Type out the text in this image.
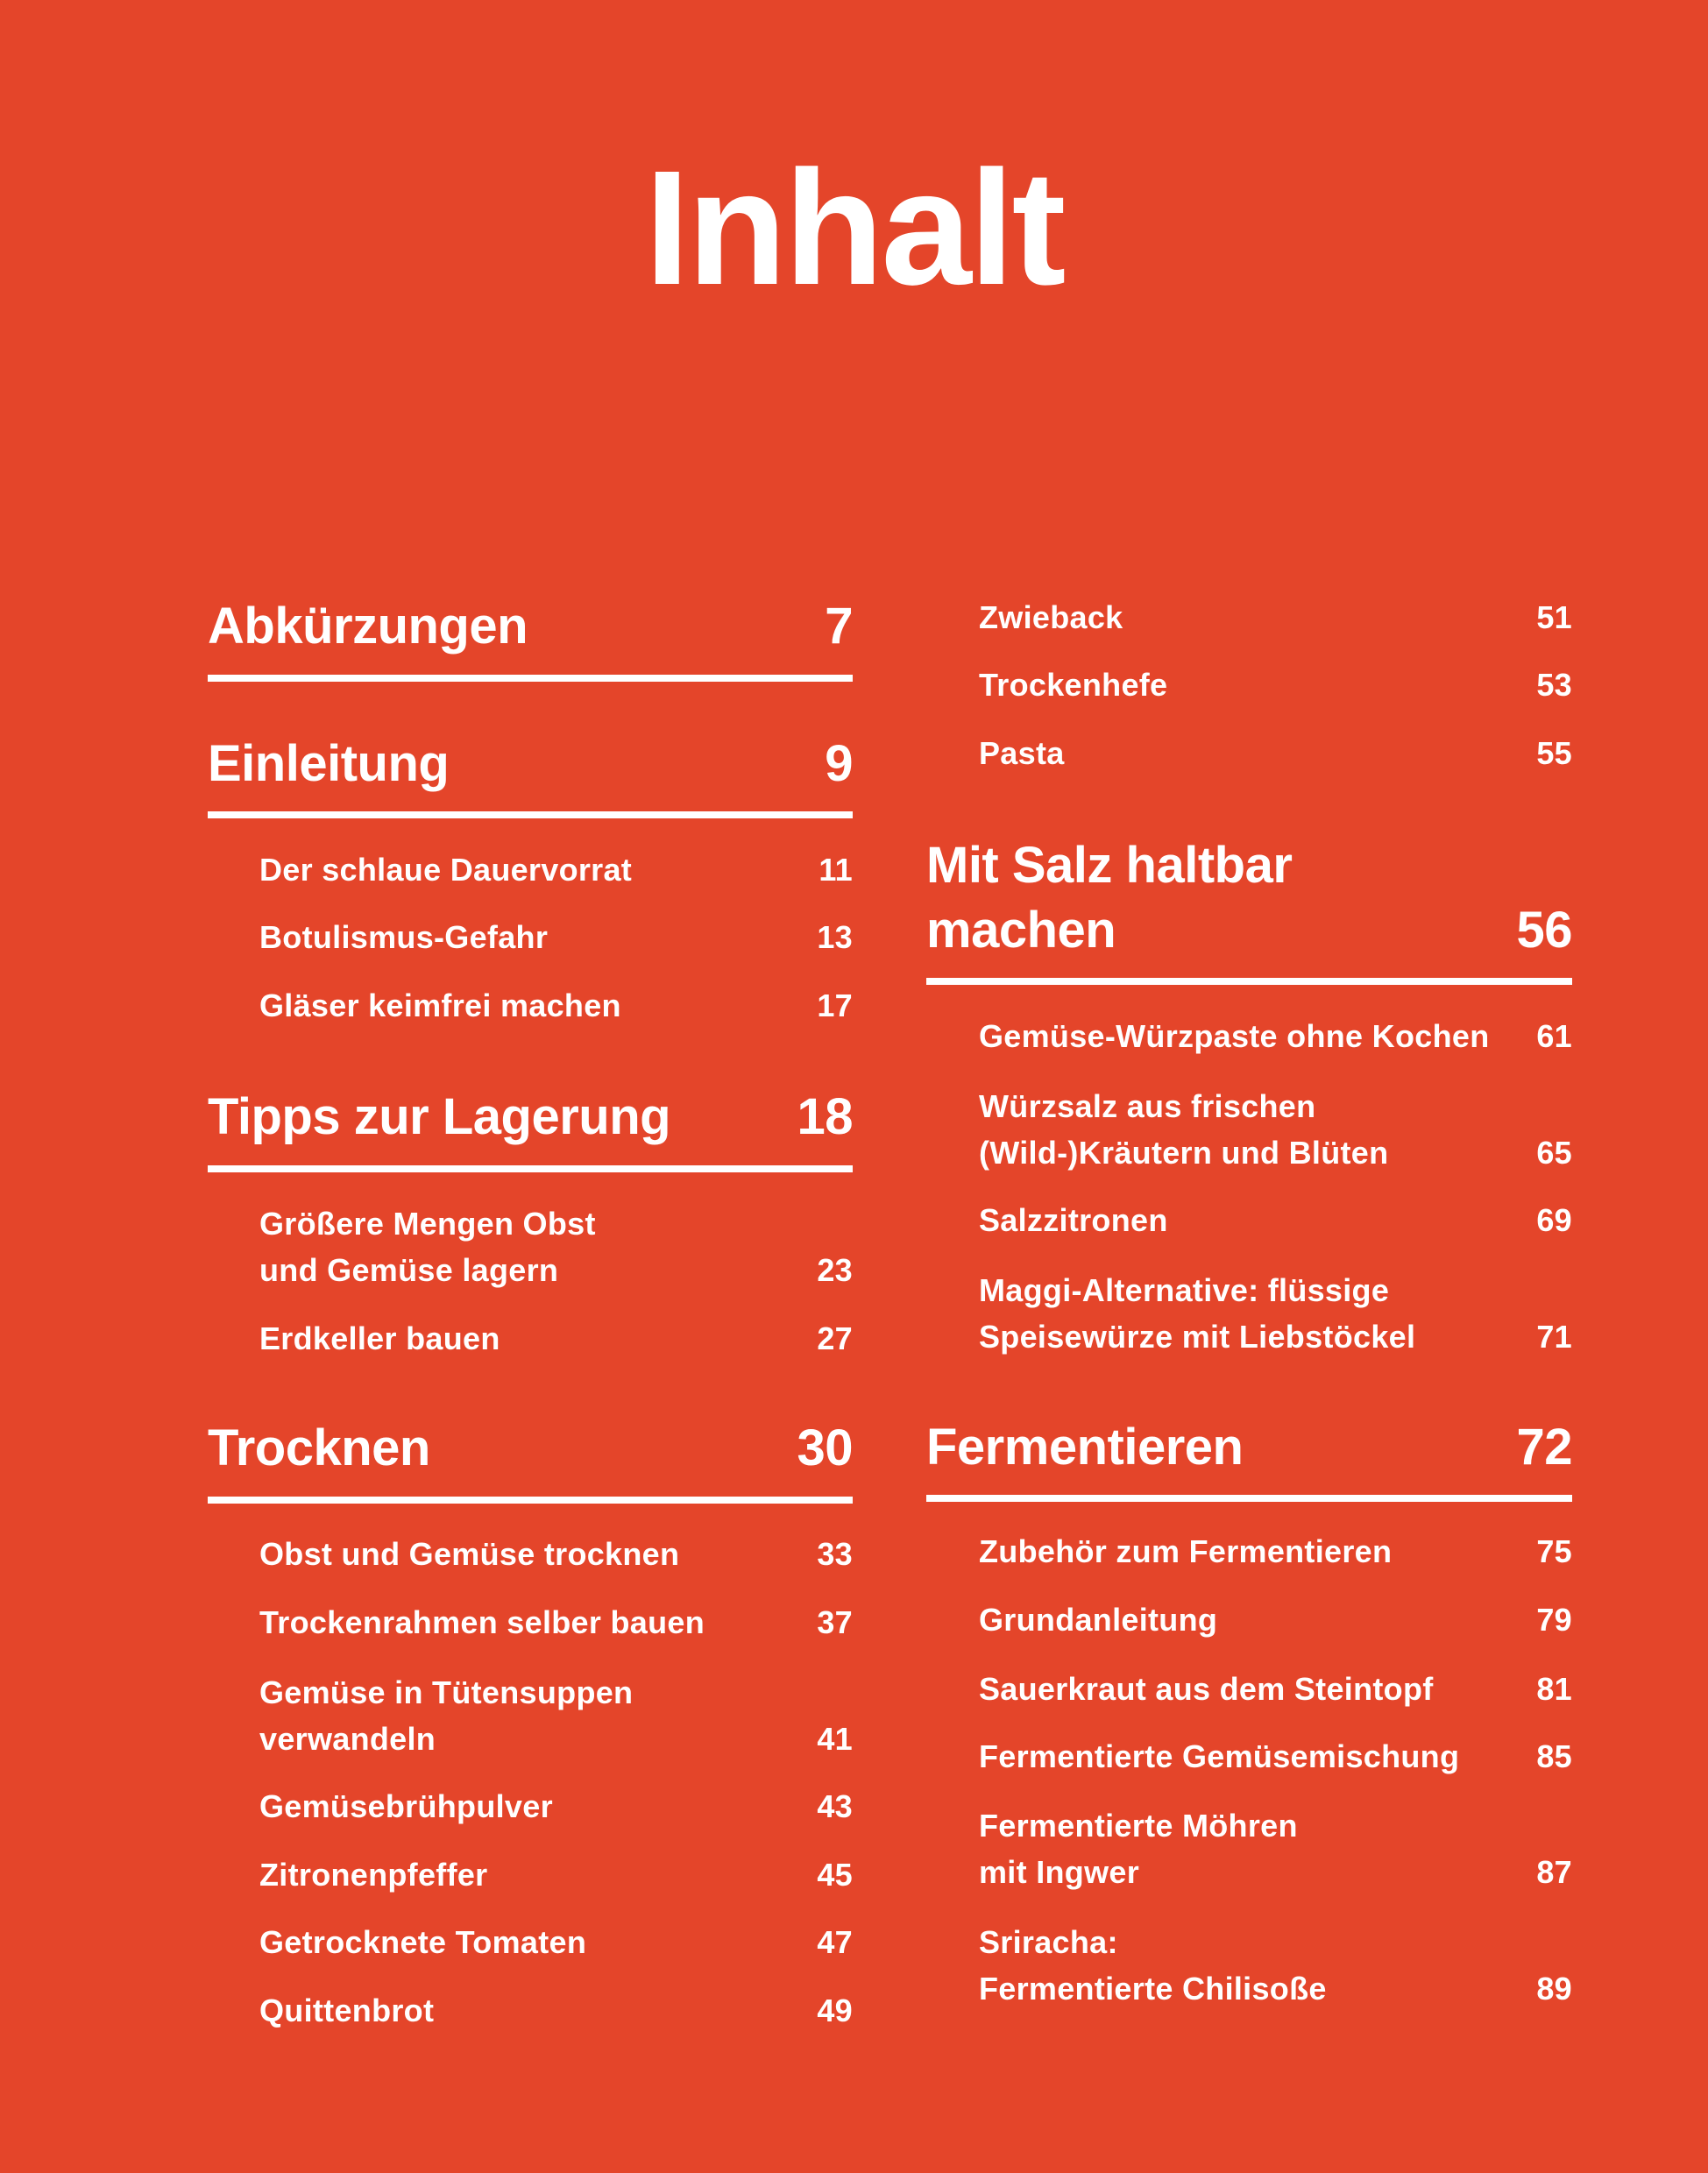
Inhalt
Abkürzungen	7
Einleitung	9
Der schlaue Dauervorrat	11
Botulismus-Gefahr	13
Gläser keimfrei machen	17
Tipps zur Lagerung 18
Größere Mengen Obst
und Gemüse lagern	23
Erdkeller bauen	27
Trocknen	30
Obst und Gemüse trocknen	33
Trockenrahmen selber bauen	37
Gemüse in Tütensuppen
verwandeln	41
Gemüsebrühpulver	43
Zitronenpfeffer	45
Getrocknete Tomaten	47
Quittenbrot	49
Zwieback	51
Trockenhefe	53
Pasta	55
Mit Salz haltbar
machen	56
Gemüse-Würzpaste ohne Kochen 61
Würzsalz aus frischen
(Wild-)Kräutern und Blüten	65
Salzzitronen	69
Maggi-Alternative: flüssige
Speisewürze mit Liebstöckel	71
Fermentieren	72
Zubehör zum Fermentieren	75
Grundanleitung	79
Sauerkraut aus dem Steintopf	81
Fermentierte Gemüsemischung 85
Fermentierte Möhren
mit Ingwer	87
Sriracha:
Fermentierte Chilisoße	89
